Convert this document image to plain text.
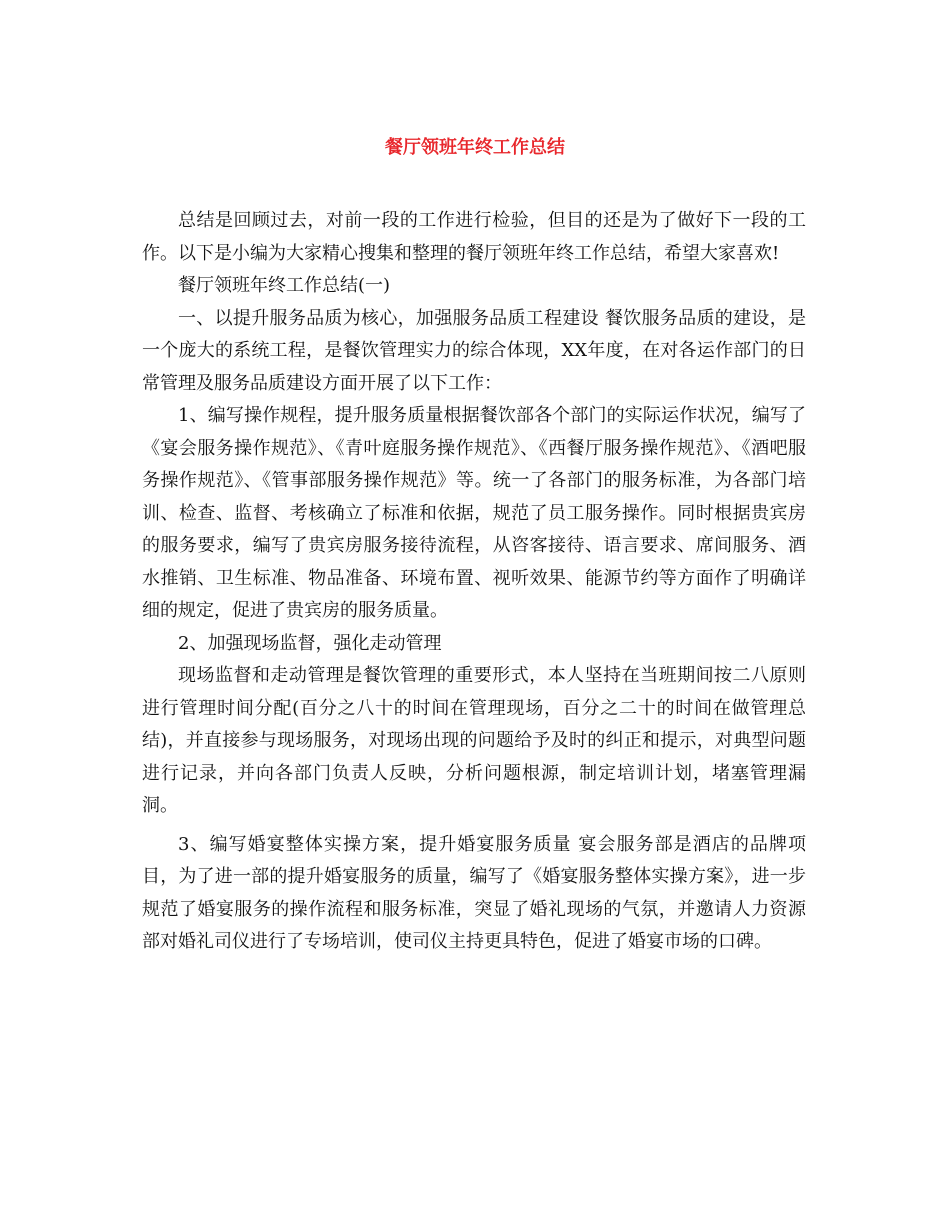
餐厅领班年终工作总结

总结是回顾过去，对前一段的工作进行检验，但目的还是为了做好下一段的工作。以下是小编为大家精心搜集和整理的餐厅领班年终工作总结，希望大家喜欢!

餐厅领班年终工作总结(一)

一、以提升服务品质为核心，加强服务品质工程建设 餐饮服务品质的建设，是一个庞大的系统工程，是餐饮管理实力的综合体现，XX年度，在对各运作部门的日常管理及服务品质建设方面开展了以下工作：

1、编写操作规程，提升服务质量根据餐饮部各个部门的实际运作状况，编写了《宴会服务操作规范》、《青叶庭服务操作规范》、《西餐厅服务操作规范》、《酒吧服务操作规范》、《管事部服务操作规范》等。统一了各部门的服务标准，为各部门培训、检查、监督、考核确立了标准和依据，规范了员工服务操作。同时根据贵宾房的服务要求，编写了贵宾房服务接待流程，从咨客接待、语言要求、席间服务、酒水推销、卫生标准、物品准备、环境布置、视听效果、能源节约等方面作了明确详细的规定，促进了贵宾房的服务质量。

2、加强现场监督，强化走动管理

现场监督和走动管理是餐饮管理的重要形式，本人坚持在当班期间按二八原则进行管理时间分配(百分之八十的时间在管理现场，百分之二十的时间在做管理总结)，并直接参与现场服务，对现场出现的问题给予及时的纠正和提示，对典型问题进行记录，并向各部门负责人反映，分析问题根源，制定培训计划，堵塞管理漏洞。

3、编写婚宴整体实操方案，提升婚宴服务质量 宴会服务部是酒店的品牌项目，为了进一部的提升婚宴服务的质量，编写了《婚宴服务整体实操方案》，进一步规范了婚宴服务的操作流程和服务标准，突显了婚礼现场的气氛，并邀请人力资源部对婚礼司仪进行了专场培训，使司仪主持更具特色，促进了婚宴市场的口碑。
